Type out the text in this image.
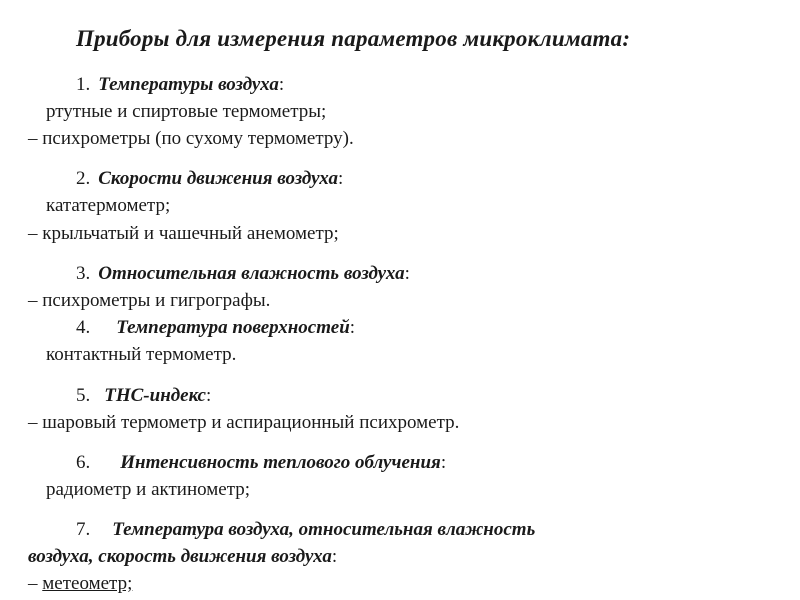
Приборы для измерения параметров микроклимата:
1. Температуры воздуха:
ртутные и спиртовые термометры;
– психрометры (по сухому термометру).
2. Скорости движения воздуха:
кататермометр;
– крыльчатый и чашечный анемометр;
3. Относительная влажность воздуха:
– психрометры и гигрографы.
4. Температура поверхностей:
контактный термометр.
5. ТНС-индекс:
– шаровый термометр и аспирационный психрометр.
6. Интенсивность теплового облучения:
радиометр и актинометр;
7. Температура воздуха, относительная влажность
воздуха, скорость движения воздуха:
– метеометр;
